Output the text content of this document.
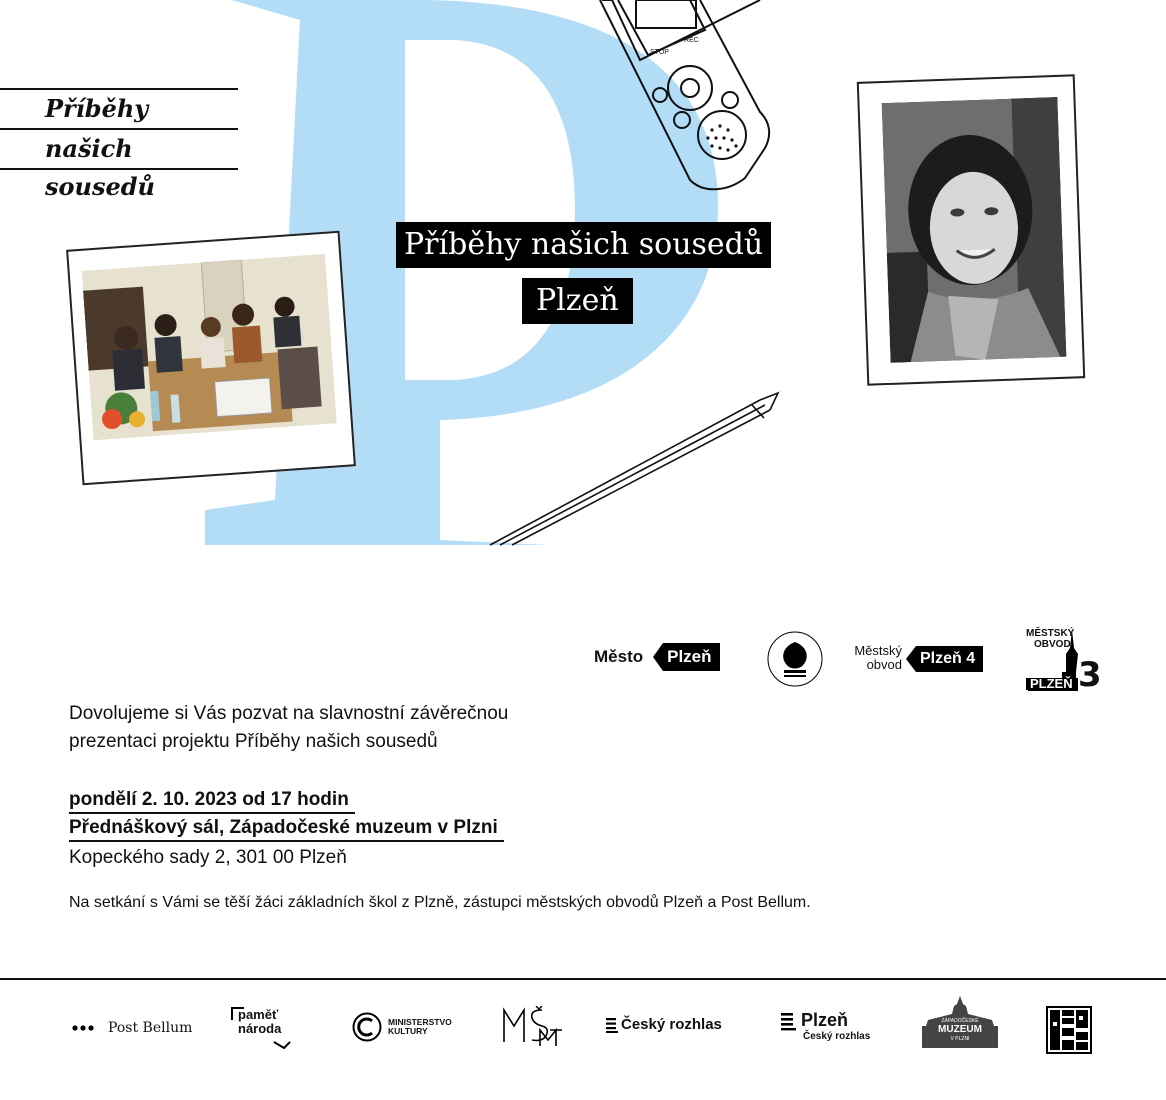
STOP
REC
Příběhy
našich sousedů
Příběhy našich sousedů
Plzeň
Město Plzeň	Městský
obvod Plzeň 4
MĚSTSKÝ
OBVOD
PLZEŇ 3
Dovolujeme si Vás pozvat na slavnostní závěrečnou
prezentaci projektu Příběhy našich sousedů
pondělí 2. 10. 2023 od 17 hodin
Přednáškový sál, Západočeské muzeum v Plzni
Kopeckého sady 2, 301 00 Plzeň
Na setkání s Vámi se těší žáci základních škol z Plzně, zástupci městských obvodů Plzeň a Post Bellum.
Post Bellum
paměť
národa	MINISTERSTVO
KULTURY	Český rozhlas	Plzeň
Český rozhlas
ZÁPADOČESKÉ
MUZEUM
V PLZNI
